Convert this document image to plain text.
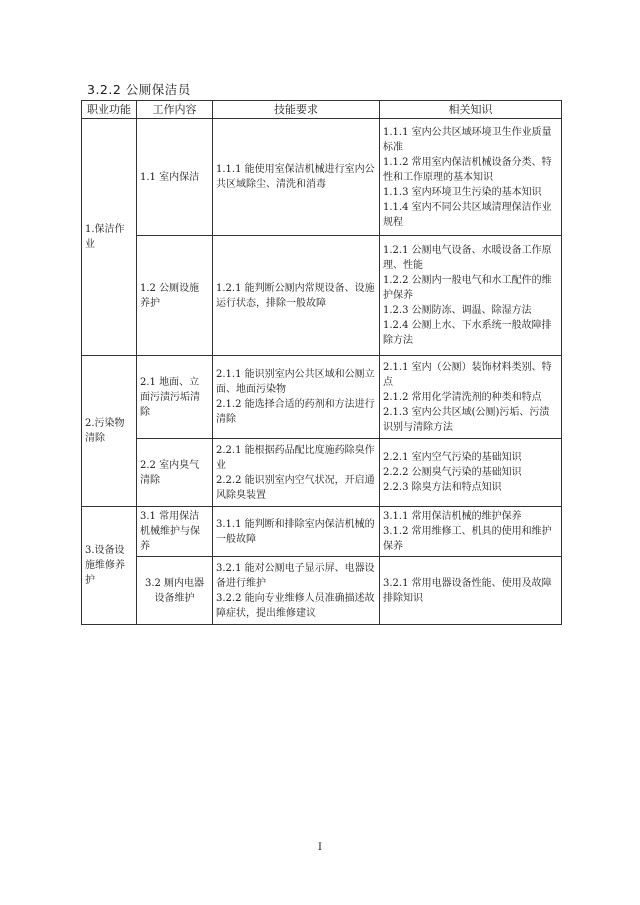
3.2.2 公厕保洁员
职业功能	工作内容	技能要求	相关知识
1.保洁作业	1.1 室内保洁	1.1.1 能使用室保洁机械进行室内公共区域除尘、清洗和消毒	1.1.1 室内公共区域环境卫生作业质量标准
1.1.2 常用室内保洁机械设备分类、特性和工作原理的基本知识
1.1.3 室内环境卫生污染的基本知识
1.1.4 室内不同公共区域清理保洁作业规程

	1.2 公厕设施养护	1.2.1 能判断公厕内常规设备、设施运行状态，排除一般故障	1.2.1 公厕电气设备、水暖设备工作原理、性能
1.2.2 公厕内一般电气和水工配件的维护保养
1.2.3 公厕防冻、调温、除湿方法
1.2.4 公厕上水、下水系统一般故障排除方法

2.污染物清除	2.1 地面、立面污渍污垢清除	2.1.1 能识别室内公共区域和公厕立面、地面污染物
2.1.2 能选择合适的药剂和方法进行清除	2.1.1 室内（公厕）装饰材料类别、特点
2.1.2 常用化学清洗剂的种类和特点
2.1.3 室内公共区域(公厕)污垢、污渍识别与清除方法

	2.2 室内臭气清除	2.2.1 能根据药品配比度施药除臭作业
2.2.2 能识别室内空气状况，开启通风除臭装置	2.2.1 室内空气污染的基础知识
2.2.2 公厕臭气污染的基础知识
2.2.3 除臭方法和特点知识

3.设备设施维修养护	3.1 常用保洁机械维护与保养	3.1.1 能判断和排除室内保洁机械的一般故障	3.1.1 常用保洁机械的维护保养
3.1.2 常用维修工、机具的使用和维护保养

	3.2 厕内电器设备维护	3.2.1 能对公厕电子显示屏、电器设备进行维护
3.2.2 能向专业维修人员准确描述故障症状，提出维修建议	3.2.1 常用电器设备性能、使用及故障排除知识
I
